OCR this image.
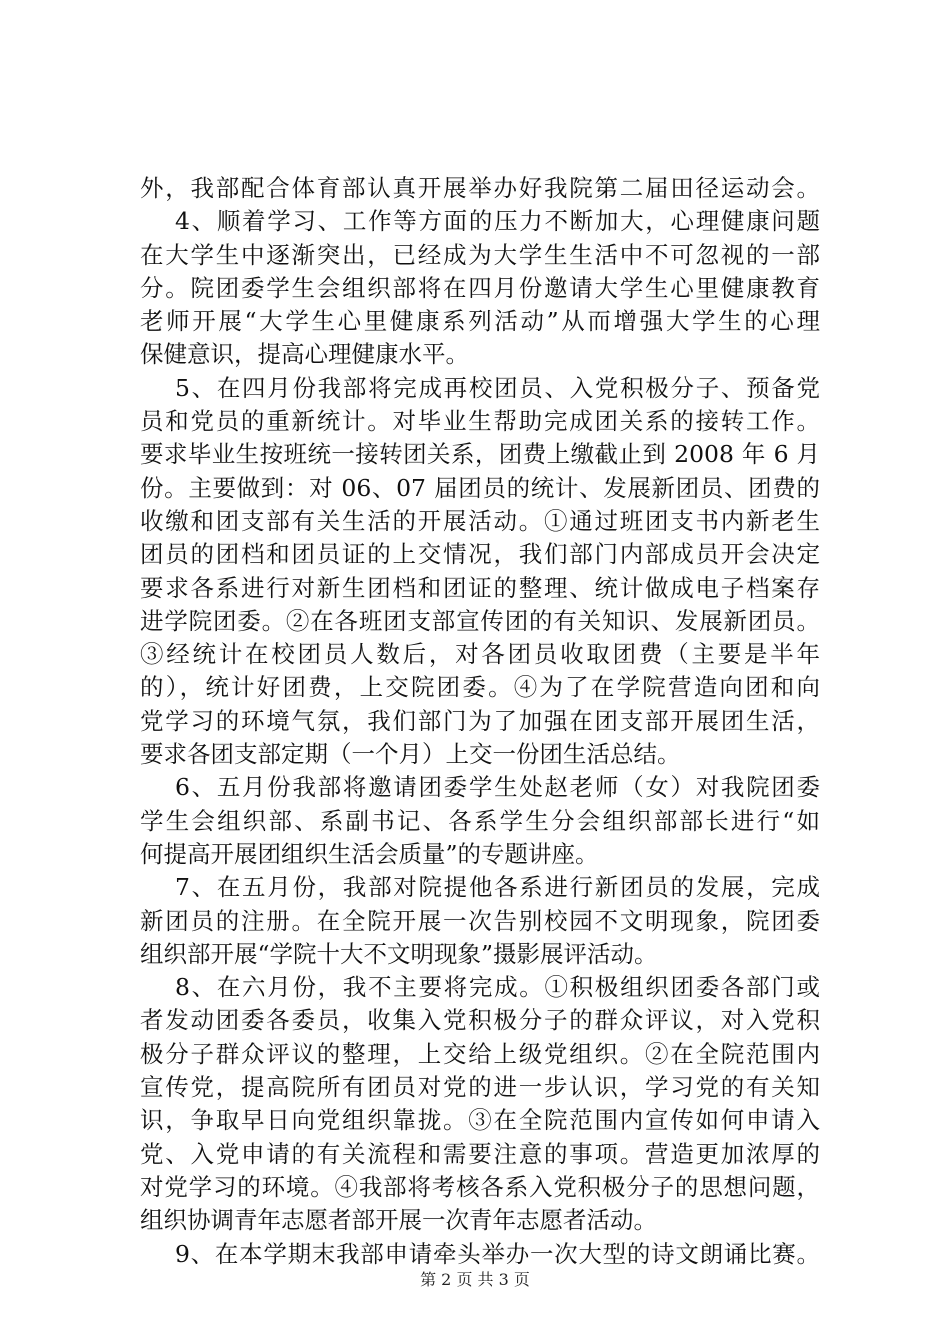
外，我部配合体育部认真开展举办好我院第二届田径运动会。
4、顺着学习、工作等方面的压力不断加大，心理健康问题
在大学生中逐渐突出，已经成为大学生生活中不可忽视的一部
分。院团委学生会组织部将在四月份邀请大学生心里健康教育
老师开展“大学生心里健康系列活动”从而增强大学生的心理
保健意识，提高心理健康水平。
5、在四月份我部将完成再校团员、入党积极分子、预备党
员和党员的重新统计。对毕业生帮助完成团关系的接转工作。
要求毕业生按班统一接转团关系，团费上缴截止到 2008 年 6 月
份。主要做到：对 06、07 届团员的统计、发展新团员、团费的
收缴和团支部有关生活的开展活动。①通过班团支书内新老生
团员的团档和团员证的上交情况，我们部门内部成员开会决定
要求各系进行对新生团档和团证的整理、统计做成电子档案存
进学院团委。②在各班团支部宣传团的有关知识、发展新团员。
③经统计在校团员人数后，对各团员收取团费（主要是半年
的），统计好团费，上交院团委。④为了在学院营造向团和向
党学习的环境气氛，我们部门为了加强在团支部开展团生活，
要求各团支部定期（一个月）上交一份团生活总结。
6、五月份我部将邀请团委学生处赵老师（女）对我院团委
学生会组织部、系副书记、各系学生分会组织部部长进行“如
何提高开展团组织生活会质量”的专题讲座。
7、在五月份，我部对院提他各系进行新团员的发展，完成
新团员的注册。在全院开展一次告别校园不文明现象，院团委
组织部开展“学院十大不文明现象”摄影展评活动。
8、在六月份，我不主要将完成。①积极组织团委各部门或
者发动团委各委员，收集入党积极分子的群众评议，对入党积
极分子群众评议的整理，上交给上级党组织。②在全院范围内
宣传党，提高院所有团员对党的进一步认识，学习党的有关知
识，争取早日向党组织靠拢。③在全院范围内宣传如何申请入
党、入党申请的有关流程和需要注意的事项。营造更加浓厚的
对党学习的环境。④我部将考核各系入党积极分子的思想问题，
组织协调青年志愿者部开展一次青年志愿者活动。
9、在本学期末我部申请牵头举办一次大型的诗文朗诵比赛。
第 2 页 共 3 页
